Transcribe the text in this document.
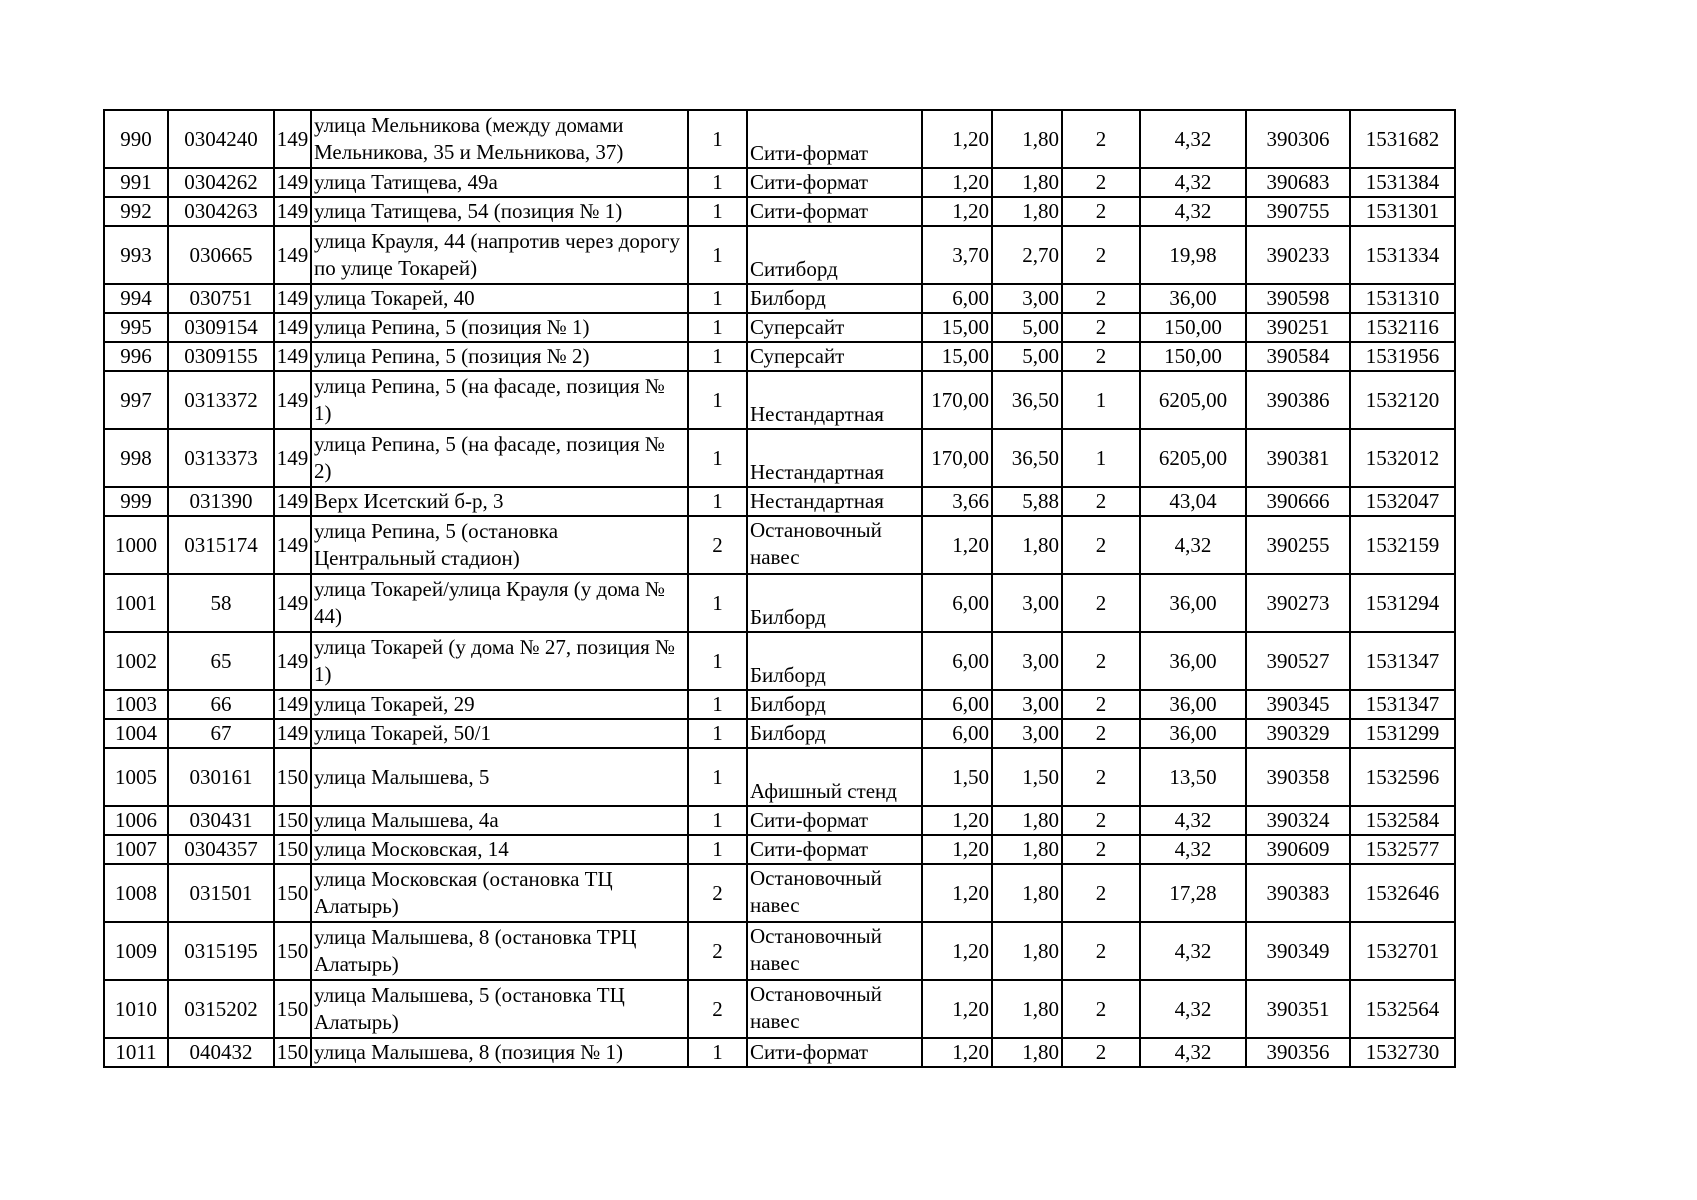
990	0304240	149	улица Мельникова (между домами Мельникова, 35 и Мельникова, 37)	1	Сити-формат	1,20	1,80	2	4,32	390306	1531682
991	0304262	149	улица Татищева, 49а	1	Сити-формат	1,20	1,80	2	4,32	390683	1531384
992	0304263	149	улица Татищева, 54 (позиция № 1)	1	Сити-формат	1,20	1,80	2	4,32	390755	1531301
993	030665	149	улица Крауля, 44 (напротив через дорогу по улице Токарей)	1	Ситиборд	3,70	2,70	2	19,98	390233	1531334
994	030751	149	улица Токарей, 40	1	Билборд	6,00	3,00	2	36,00	390598	1531310
995	0309154	149	улица Репина, 5 (позиция № 1)	1	Суперсайт	15,00	5,00	2	150,00	390251	1532116
996	0309155	149	улица Репина, 5 (позиция № 2)	1	Суперсайт	15,00	5,00	2	150,00	390584	1531956
997	0313372	149	улица Репина, 5 (на фасаде, позиция № 1)	1	Нестандартная	170,00	36,50	1	6205,00	390386	1532120
998	0313373	149	улица Репина, 5 (на фасаде, позиция № 2)	1	Нестандартная	170,00	36,50	1	6205,00	390381	1532012
999	031390	149	Верх Исетский б-р, 3	1	Нестандартная	3,66	5,88	2	43,04	390666	1532047
1000	0315174	149	улица Репина, 5 (остановка Центральный стадион)	2	Остановочный навес	1,20	1,80	2	4,32	390255	1532159
1001	58	149	улица Токарей/улица Крауля (у дома № 44)	1	Билборд	6,00	3,00	2	36,00	390273	1531294
1002	65	149	улица Токарей (у дома № 27, позиция № 1)	1	Билборд	6,00	3,00	2	36,00	390527	1531347
1003	66	149	улица Токарей, 29	1	Билборд	6,00	3,00	2	36,00	390345	1531347
1004	67	149	улица Токарей, 50/1	1	Билборд	6,00	3,00	2	36,00	390329	1531299
1005	030161	150	улица Малышева, 5	1	Афишный стенд	1,50	1,50	2	13,50	390358	1532596
1006	030431	150	улица Малышева, 4а	1	Сити-формат	1,20	1,80	2	4,32	390324	1532584
1007	0304357	150	улица Московская, 14	1	Сити-формат	1,20	1,80	2	4,32	390609	1532577
1008	031501	150	улица Московская (остановка ТЦ Алатырь)	2	Остановочный навес	1,20	1,80	2	17,28	390383	1532646
1009	0315195	150	улица Малышева, 8 (остановка ТРЦ Алатырь)	2	Остановочный навес	1,20	1,80	2	4,32	390349	1532701
1010	0315202	150	улица Малышева, 5 (остановка ТЦ Алатырь)	2	Остановочный навес	1,20	1,80	2	4,32	390351	1532564
1011	040432	150	улица Малышева, 8 (позиция № 1)	1	Сити-формат	1,20	1,80	2	4,32	390356	1532730
